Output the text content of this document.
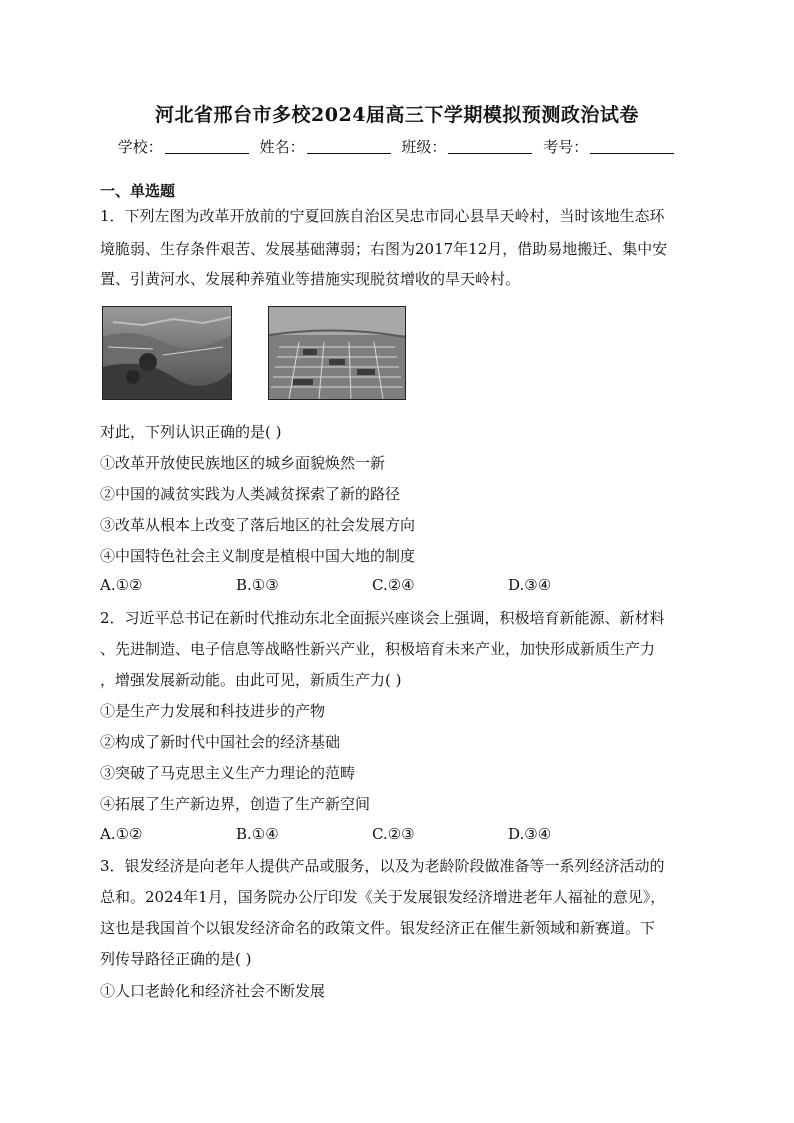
河北省邢台市多校2024届高三下学期模拟预测政治试卷
学校：	姓名：	班级：	考号：
一、单选题
1．下列左图为改革开放前的宁夏回族自治区吴忠市同心县旱天岭村，当时该地生态环
境脆弱、生存条件艰苦、发展基础薄弱；右图为2017年12月，借助易地搬迁、集中安
置、引黄河水、发展种养殖业等措施实现脱贫增收的旱天岭村。
对此，下列认识正确的是( )
①改革开放使民族地区的城乡面貌焕然一新
②中国的减贫实践为人类减贫探索了新的路径
③改革从根本上改变了落后地区的社会发展方向
④中国特色社会主义制度是植根中国大地的制度
A.①②	B.①③	C.②④	D.③④
2．习近平总书记在新时代推动东北全面振兴座谈会上强调，积极培育新能源、新材料
、先进制造、电子信息等战略性新兴产业，积极培育未来产业，加快形成新质生产力
，增强发展新动能。由此可见，新质生产力( )
①是生产力发展和科技进步的产物
②构成了新时代中国社会的经济基础
③突破了马克思主义生产力理论的范畴
④拓展了生产新边界，创造了生产新空间
A.①②	B.①④	C.②③	D.③④
3．银发经济是向老年人提供产品或服务，以及为老龄阶段做准备等一系列经济活动的
总和。2024年1月，国务院办公厅印发《关于发展银发经济增进老年人福祉的意见》，
这也是我国首个以银发经济命名的政策文件。银发经济正在催生新领域和新赛道。下
列传导路径正确的是( )
①人口老龄化和经济社会不断发展
